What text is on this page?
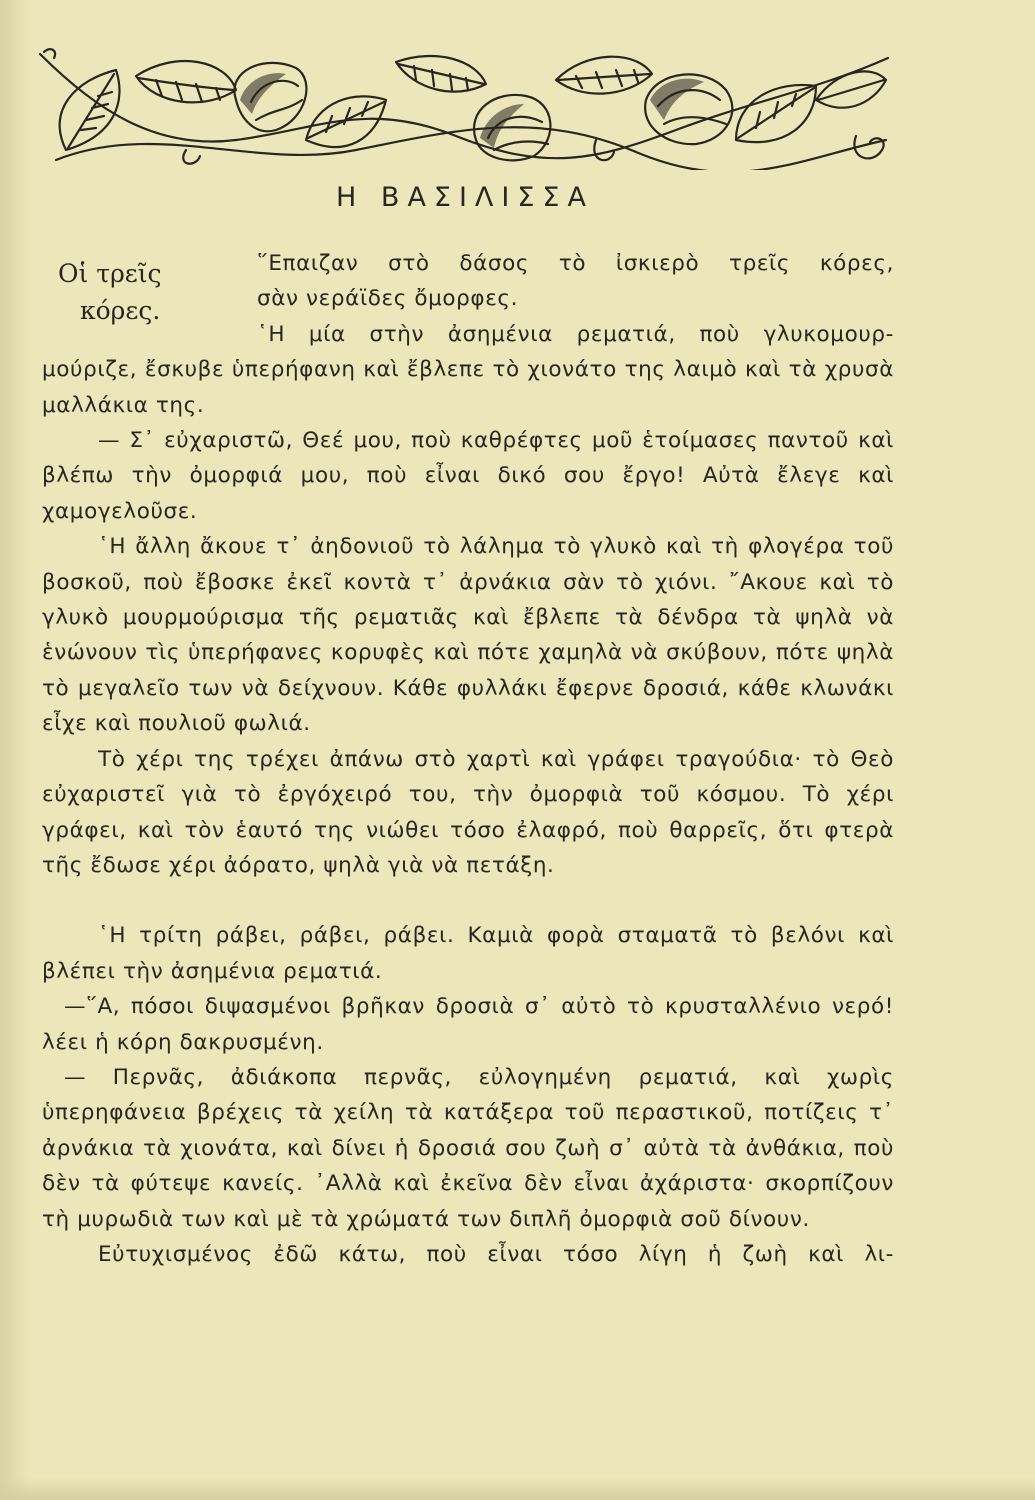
Η ΒΑΣΙΛΙΣΣΑ
Οἱ τρεῖς
κόρες.

῞Επαιζαν στὸ δάσος τὸ ἰσκιερὸ τρεῖς κόρες,

σὰν νεράϊδες ὄμορφες.

῾Η μία στὴν ἀσημένια ρεματιά, ποὺ γλυκομουρ-

μούριζε, ἔσκυβε ὑπερήφανη καὶ ἔβλεπε τὸ χιονάτο της λαιμὸ καὶ τὰ χρυσὰ μαλλάκια της.

— Σ᾿ εὐχαριστῶ, Θεέ μου, ποὺ καθρέφτες μοῦ ἑτοίμασες παντοῦ καὶ βλέπω τὴν ὀμορφιά μου, ποὺ εἶναι δικό σου ἔργο! Αὐτὰ ἔλεγε καὶ χαμογελοῦσε.

῾Η ἄλλη ἄκουε τ᾿ ἀηδονιοῦ τὸ λάλημα τὸ γλυκὸ καὶ τὴ φλογέρα τοῦ βοσκοῦ, ποὺ ἔβοσκε ἐκεῖ κοντὰ τ᾿ ἀρνάκια σὰν τὸ χιόνι. ῎Ακουε καὶ τὸ γλυκὸ μουρμούρισμα τῆς ρεματιᾶς καὶ ἔβλεπε τὰ δένδρα τὰ ψηλὰ νὰ ἑνώνουν τὶς ὑπερήφανες κορυφὲς καὶ πότε χαμηλὰ νὰ σκύβουν, πότε ψηλὰ τὸ μεγαλεῖο των νὰ δείχνουν. Κάθε φυλλάκι ἔφερνε δροσιά, κάθε κλωνάκι εἶχε καὶ πουλιοῦ φωλιά.

Τὸ χέρι της τρέχει ἀπάνω στὸ χαρτὶ καὶ γράφει τραγούδια· τὸ Θεὸ εὐχαριστεῖ γιὰ τὸ ἐργόχειρό του, τὴν ὀμορφιὰ τοῦ κόσμου. Τὸ χέρι γράφει, καὶ τὸν ἑαυτό της νιώθει τόσο ἐλαφρό, ποὺ θαρρεῖς, ὅτι φτερὰ τῆς ἔδωσε χέρι ἀόρατο, ψηλὰ γιὰ νὰ πετάξη.

῾Η τρίτη ράβει, ράβει, ράβει. Καμιὰ φορὰ σταματᾶ τὸ βελόνι καὶ βλέπει τὴν ἀσημένια ρεματιά.

—῞Α, πόσοι διψασμένοι βρῆκαν δροσιὰ σ᾿ αὐτὸ τὸ κρυσταλλένιο νερό! λέει ἡ κόρη δακρυσμένη.

— Περνᾶς, ἀδιάκοπα περνᾶς, εὐλογημένη ρεματιά, καὶ χωρὶς ὑπερηφάνεια βρέχεις τὰ χείλη τὰ κατάξερα τοῦ περαστικοῦ, ποτίζεις τ᾿ ἀρνάκια τὰ χιονάτα, καὶ δίνει ἡ δροσιά σου ζωὴ σ᾿ αὐτὰ τὰ ἀνθάκια, ποὺ δὲν τὰ φύτεψε κανείς. ᾿Αλλὰ καὶ ἐκεῖνα δὲν εἶναι ἀχάριστα· σκορπίζουν τὴ μυρωδιὰ των καὶ μὲ τὰ χρώματά των διπλῆ ὀμορφιὰ σοῦ δίνουν.

Εὐτυχισμένος ἐδῶ κάτω, ποὺ εἶναι τόσο λίγη ἡ ζωὴ καὶ λι-
